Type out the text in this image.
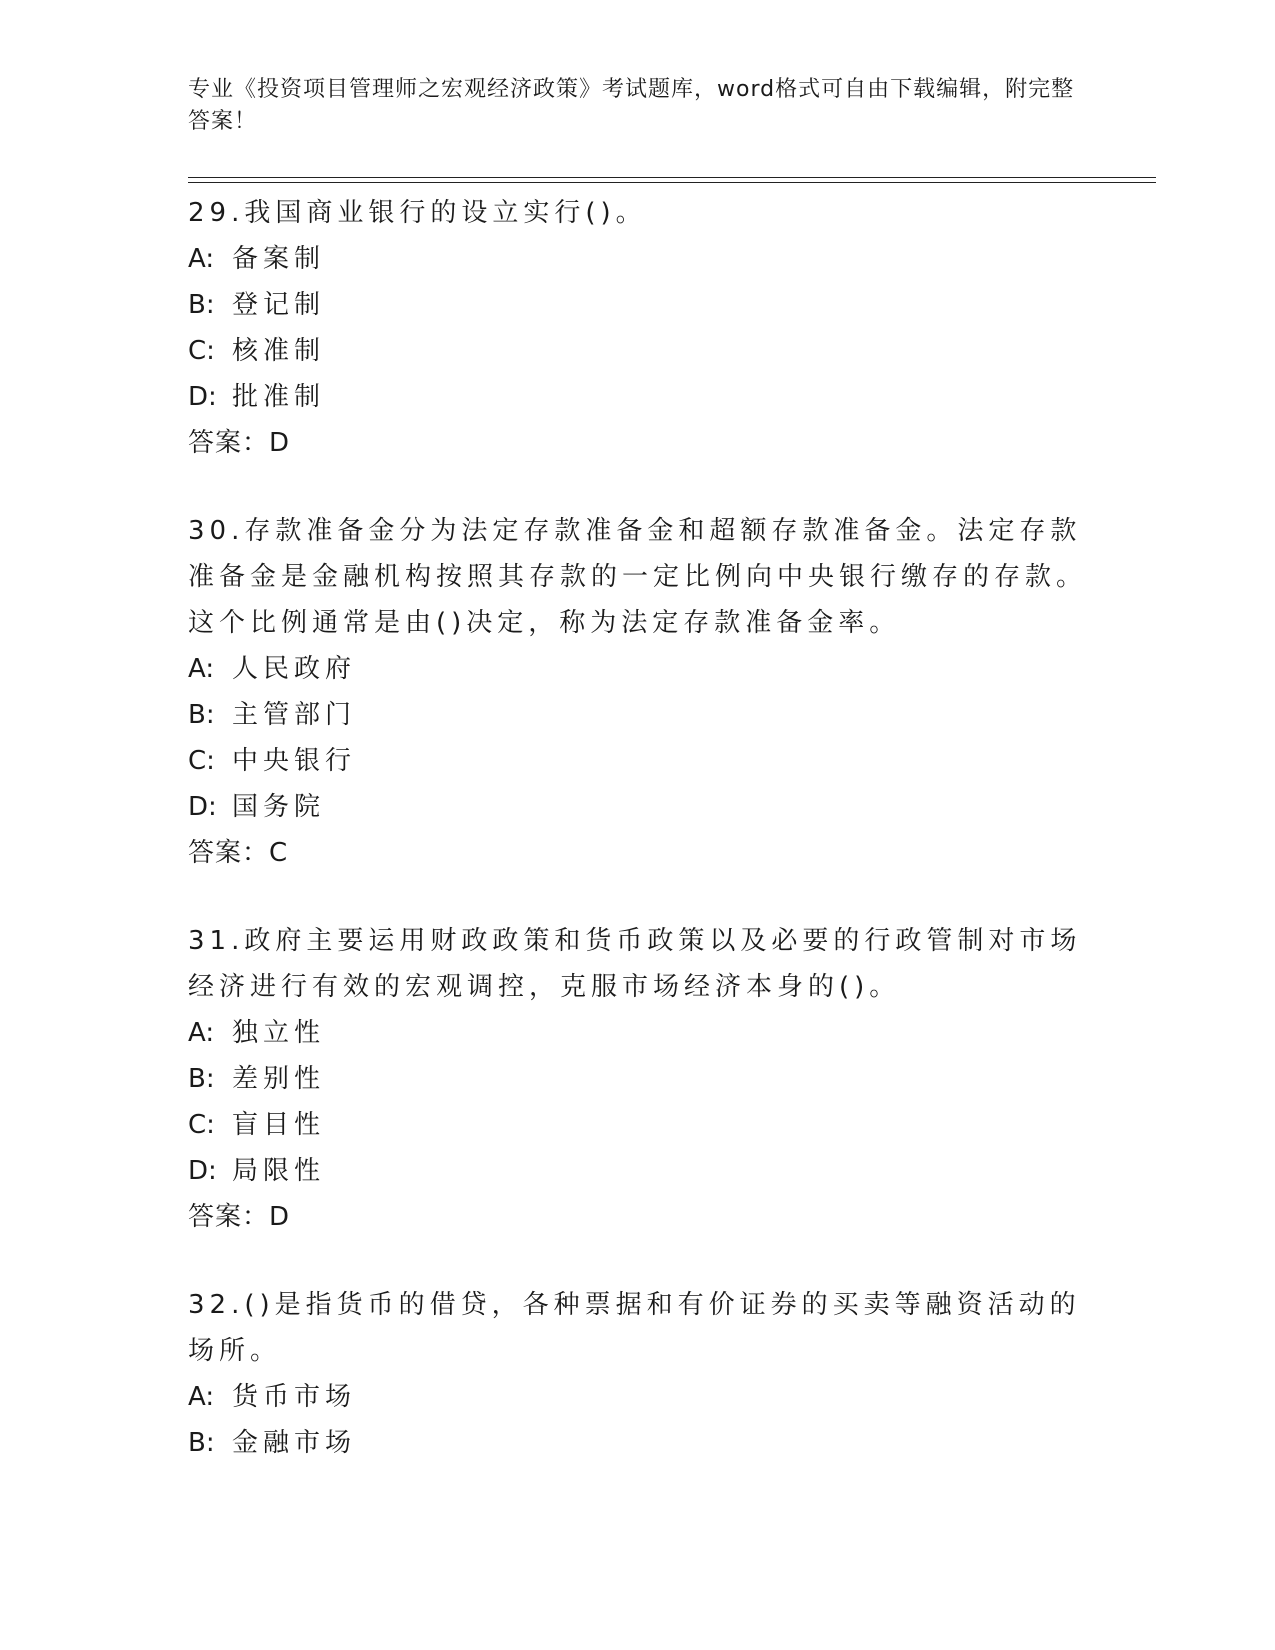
专业《投资项目管理师之宏观经济政策》考试题库，word格式可自由下载编辑，附完整答案！

29.我国商业银行的设立实行()。

A: 备案制

B: 登记制

C: 核准制

D: 批准制

答案：D

30.存款准备金分为法定存款准备金和超额存款准备金。法定存款准备金是金融机构按照其存款的一定比例向中央银行缴存的存款。这个比例通常是由()决定，称为法定存款准备金率。

A: 人民政府

B: 主管部门

C: 中央银行

D: 国务院

答案：C

31.政府主要运用财政政策和货币政策以及必要的行政管制对市场经济进行有效的宏观调控，克服市场经济本身的()。

A: 独立性

B: 差别性

C: 盲目性

D: 局限性

答案：D

32.()是指货币的借贷，各种票据和有价证券的买卖等融资活动的场所。

A: 货币市场

B: 金融市场
